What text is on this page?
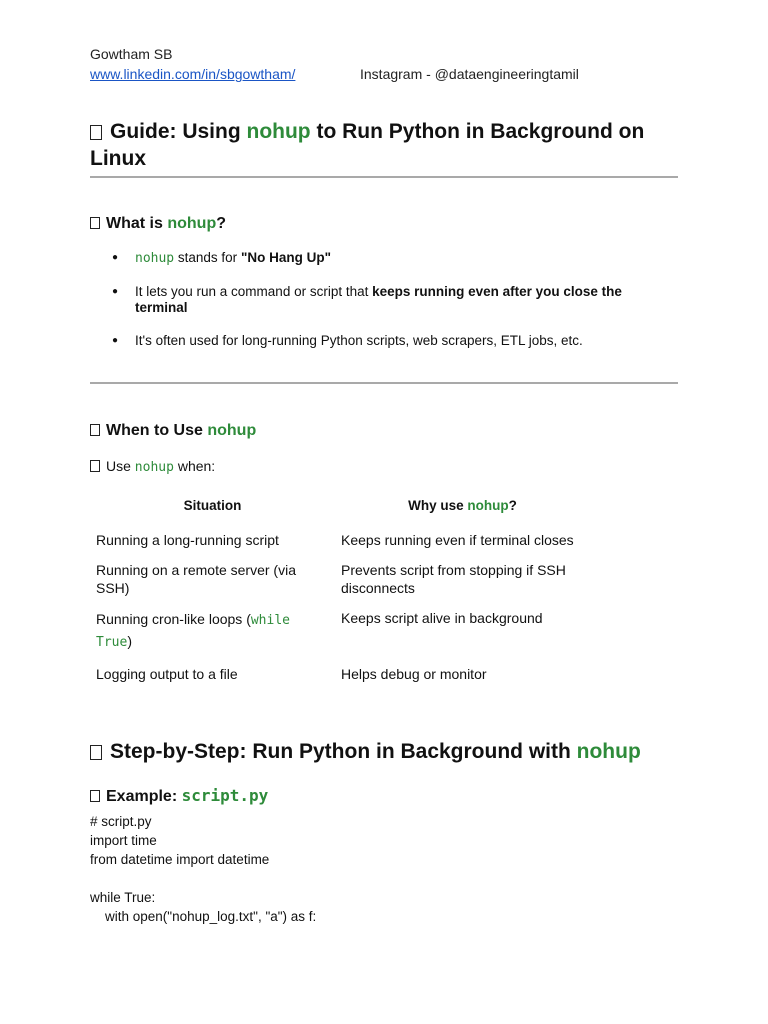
Gowtham SB
www.linkedin.com/in/sbgowtham/	Instagram - @dataengineeringtamil
Guide: Using nohup to Run Python in Background on Linux
What is nohup?
● nohup stands for "No Hang Up"
● It lets you run a command or script that keeps running even after you close the terminal
● It's often used for long-running Python scripts, web scrapers, ETL jobs, etc.
When to Use nohup
Use nohup when:
Situation	Why use nohup?
Running a long-running script	Keeps running even if terminal closes
Running on a remote server (via SSH)	Prevents script from stopping if SSH disconnects
Running cron-like loops (while True)	Keeps script alive in background
Logging output to a file	Helps debug or monitor
Step-by-Step: Run Python in Background with nohup
Example: script.py
# script.py
import time
from datetime import datetime

while True:
with open("nohup_log.txt", "a") as f:
